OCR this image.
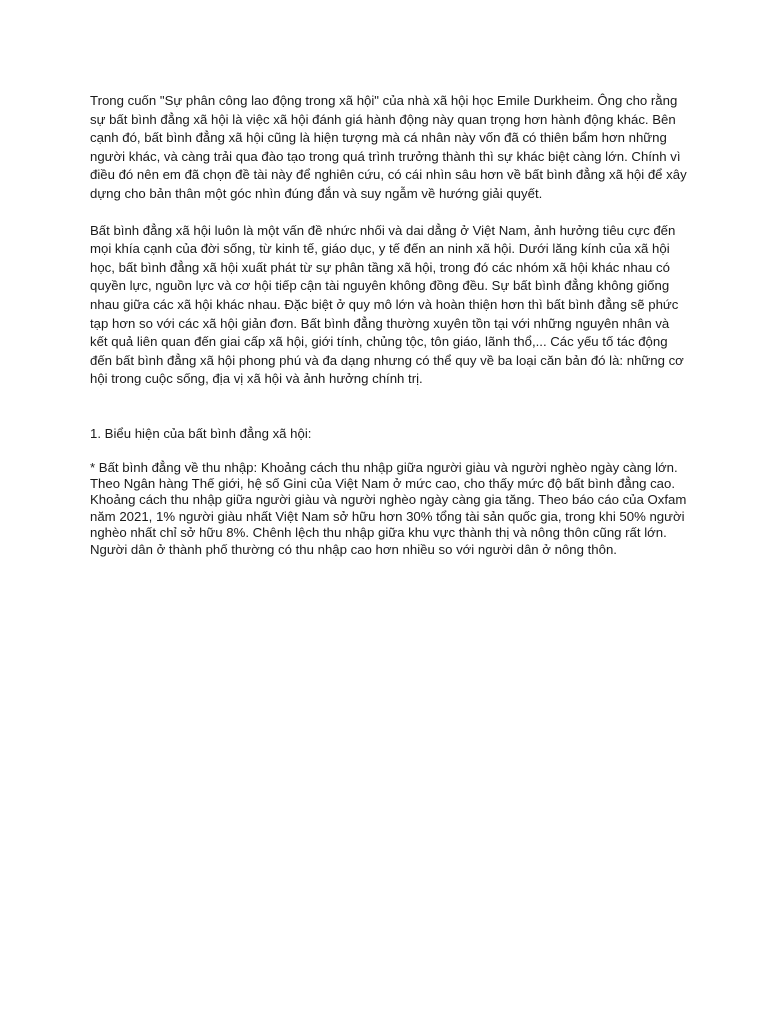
Trong cuốn "Sự phân công lao động trong xã hội" của nhà xã hội học Emile Durkheim. Ông cho rằng sự bất bình đẳng xã hội là việc xã hội đánh giá hành động này quan trọng hơn hành động khác. Bên cạnh đó, bất bình đẳng xã hội cũng là hiện tượng mà cá nhân này vốn đã có thiên bẩm hơn những người khác, và càng trải qua đào tạo trong quá trình trưởng thành thì sự khác biệt càng lớn. Chính vì điều đó nên em đã chọn đề tài này để nghiên cứu, có cái nhìn sâu hơn về bất bình đẳng xã hội để xây dựng cho bản thân một góc nhìn đúng đắn và suy ngẫm về hướng giải quyết.

Bất bình đẳng xã hội luôn là một vấn đề nhức nhối và dai dẳng ở Việt Nam, ảnh hưởng tiêu cực đến mọi khía cạnh của đời sống, từ kinh tế, giáo dục, y tế đến an ninh xã hội. Dưới lăng kính của xã hội học, bất bình đẳng xã hội xuất phát từ sự phân tầng xã hội, trong đó các nhóm xã hội khác nhau có quyền lực, nguồn lực và cơ hội tiếp cận tài nguyên không đồng đều. Sự bất bình đẳng không giống nhau giữa các xã hội khác nhau. Đặc biệt ở quy mô lớn và hoàn thiện hơn thì bất bình đẳng sẽ phức tạp hơn so với các xã hội giản đơn. Bất bình đẳng thường xuyên tồn tại với những nguyên nhân và kết quả liên quan đến giai cấp xã hội, giới tính, chủng tộc, tôn giáo, lãnh thổ,... Các yếu tố tác động đến bất bình đẳng xã hội phong phú và đa dạng nhưng có thể quy về ba loại căn bản đó là: những cơ hội trong cuộc sống, địa vị xã hội và ảnh hưởng chính trị.

1. Biểu hiện của bất bình đẳng xã hội:

* Bất bình đẳng về thu nhập: Khoảng cách thu nhập giữa người giàu và người nghèo ngày càng lớn. Theo Ngân hàng Thế giới, hệ số Gini của Việt Nam ở mức cao, cho thấy mức độ bất bình đẳng cao. Khoảng cách thu nhập giữa người giàu và người nghèo ngày càng gia tăng. Theo báo cáo của Oxfam năm 2021, 1% người giàu nhất Việt Nam sở hữu hơn 30% tổng tài sản quốc gia, trong khi 50% người nghèo nhất chỉ sở hữu 8%. Chênh lệch thu nhập giữa khu vực thành thị và nông thôn cũng rất lớn. Người dân ở thành phố thường có thu nhập cao hơn nhiều so với người dân ở nông thôn.
